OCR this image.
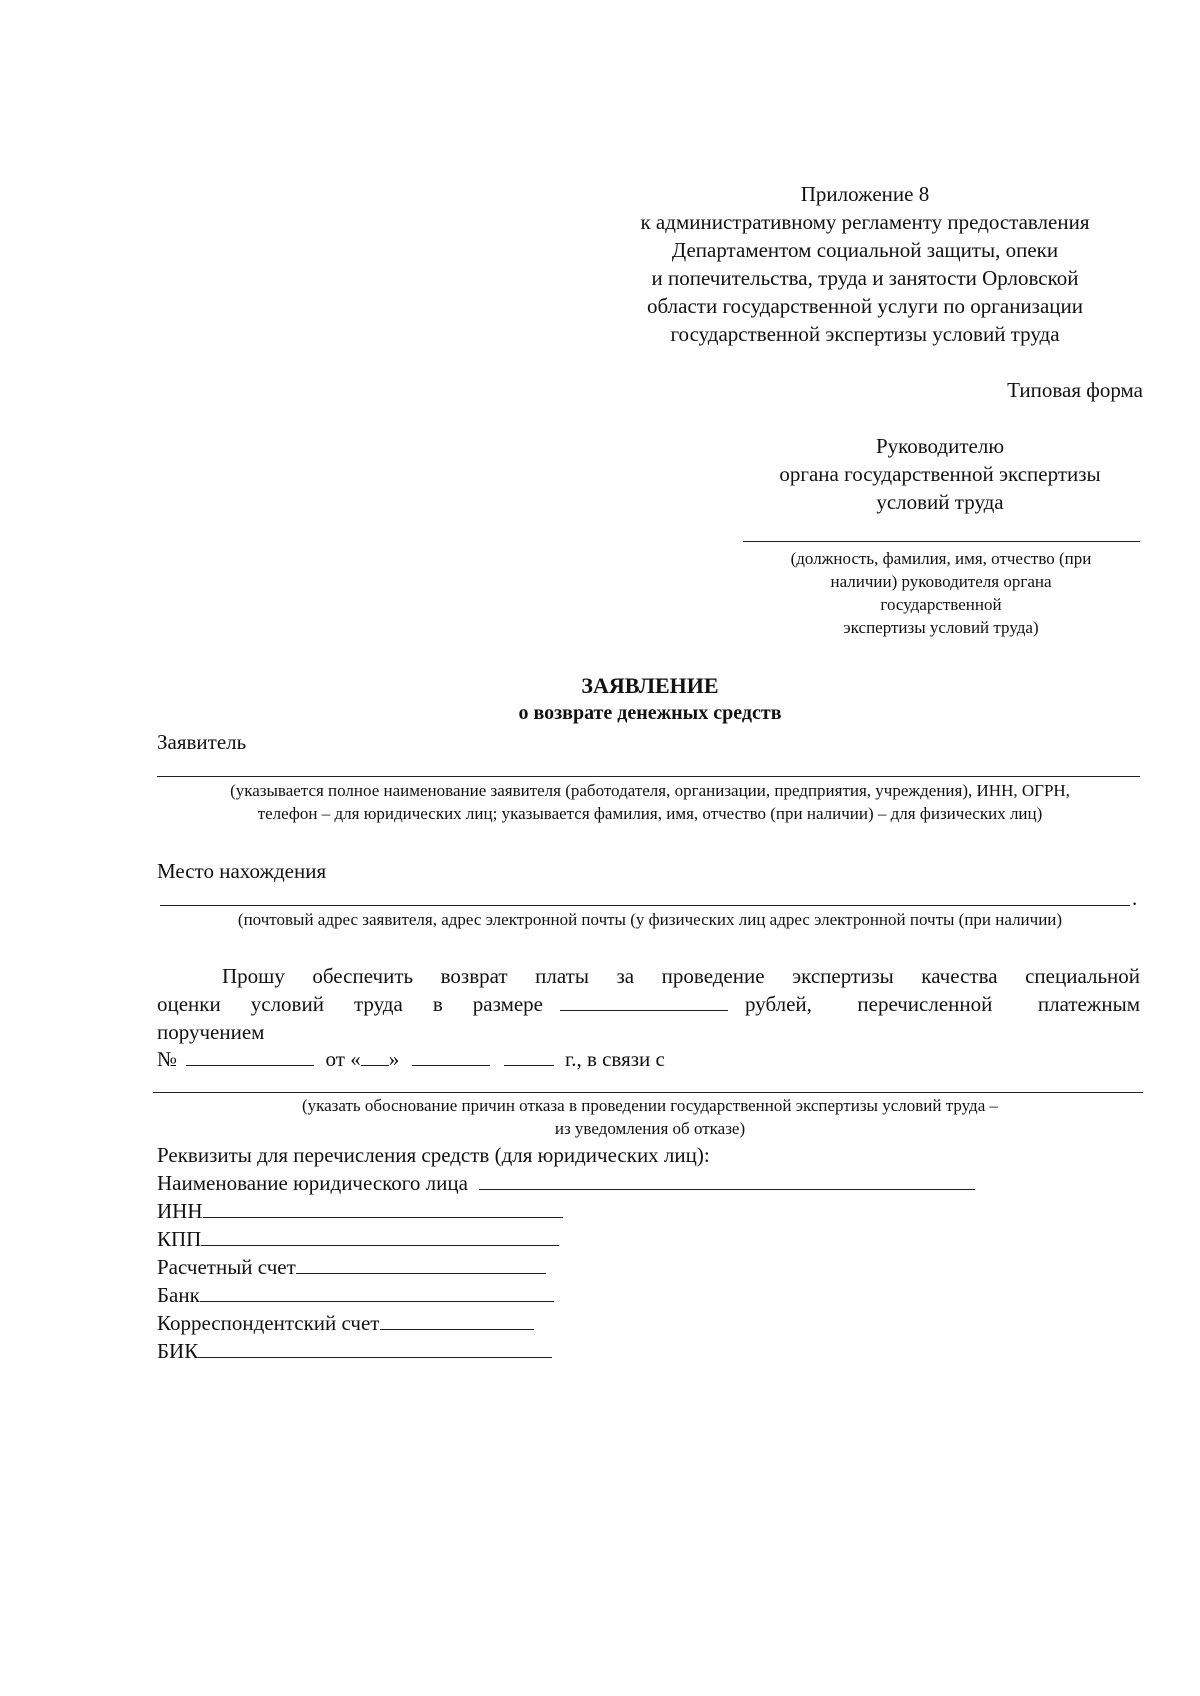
Приложение 8
к административному регламенту предоставления
Департаментом социальной защиты, опеки
и попечительства, труда и занятости Орловской
области государственной услуги по организации
государственной экспертизы условий труда
Типовая форма
Руководителю
органа государственной экспертизы
условий труда
(должность, фамилия, имя, отчество (при
наличии) руководителя органа
государственной
экспертизы условий труда)
ЗАЯВЛЕНИЕ
о возврате денежных средств
Заявитель
(указывается полное наименование заявителя (работодателя, организации, предприятия, учреждения), ИНН, ОГРН,
телефон – для юридических лиц; указывается фамилия, имя, отчество (при наличии) – для физических лиц)
Место нахождения
.
(почтовый адрес заявителя, адрес электронной почты (у физических лиц адрес электронной почты (при наличии)
Прошу обеспечить возврат платы за проведение экспертизы качества специальной
оценки условий труда в размере	рублей, перечисленной платежным
поручением
№	от « »	г., в связи с
(указать обоснование причин отказа в проведении государственной экспертизы условий труда –
из уведомления об отказе)
Реквизиты для перечисления средств (для юридических лиц):
Наименование юридического лица
ИНН
КПП
Расчетный счет
Банк
Корреспондентский счет
БИК
